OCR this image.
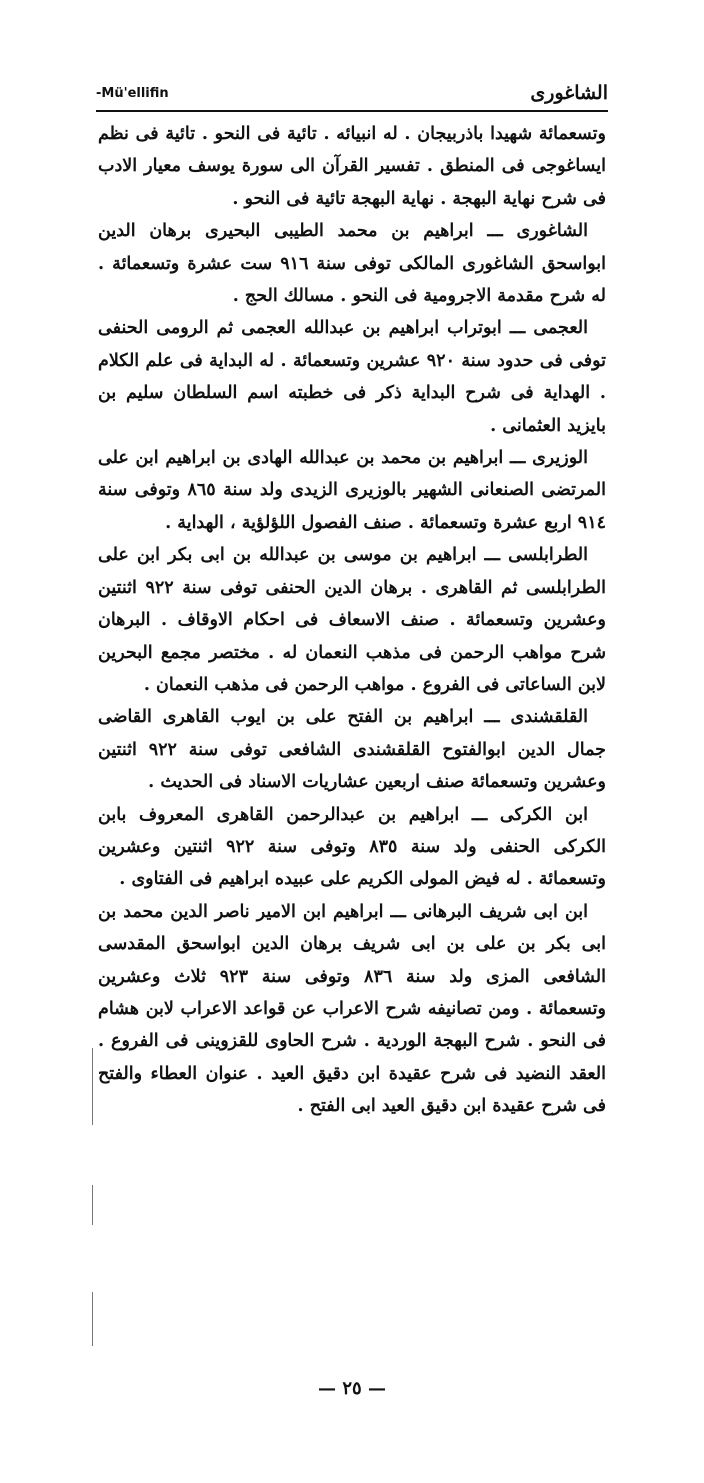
-Mü'ellifin	الشاغوری

وتسعمائة شهيدا باذربيجان . له انبيائه . تائية فى النحو . تائية فى نظم ايساغوجى فى المنطق . تفسير القرآن الى سورة يوسف معيار الادب فى شرح نهاية البهجة . نهاية البهجة تائية فى النحو .

الشاغورى ـــ ابراهيم بن محمد الطيبى البحيرى برهان الدين ابواسحق الشاغورى المالكى توفى سنة ٩١٦ ست عشرة وتسعمائة . له شرح مقدمة الاجرومية فى النحو . مسالك الحج .

العجمى ـــ ابوتراب ابراهيم بن عبدالله العجمى ثم الرومى الحنفى توفى فى حدود سنة ٩٢٠ عشرين وتسعمائة . له البداية فى علم الكلام . الهداية فى شرح البداية ذكر فى خطبته اسم السلطان سليم بن بايزيد العثمانى .

الوزيرى ـــ ابراهيم بن محمد بن عبدالله الهادى بن ابراهيم ابن على المرتضى الصنعانى الشهير بالوزيرى الزيدى ولد سنة ٨٦٥ وتوفى سنة ٩١٤ اربع عشرة وتسعمائة . صنف الفصول اللؤلؤية ، الهداية .

الطرابلسى ـــ ابراهيم بن موسى بن عبدالله بن ابى بكر ابن على الطرابلسى ثم القاهرى . برهان الدين الحنفى توفى سنة ٩٢٢ اثنتين وعشرين وتسعمائة . صنف الاسعاف فى احكام الاوقاف . البرهان شرح مواهب الرحمن فى مذهب النعمان له . مختصر مجمع البحرين لابن الساعاتى فى الفروع . مواهب الرحمن فى مذهب النعمان .

القلقشندى ـــ ابراهيم بن الفتح على بن ايوب القاهرى القاضى جمال الدين ابوالفتوح القلقشندى الشافعى توفى سنة ٩٢٢ اثنتين وعشرين وتسعمائة صنف اربعين عشاريات الاسناد فى الحديث .

ابن الكركى ـــ ابراهيم بن عبدالرحمن القاهرى المعروف بابن الكركى الحنفى ولد سنة ٨٣٥ وتوفى سنة ٩٢٢ اثنتين وعشرين وتسعمائة . له فيض المولى الكريم على عبيده ابراهيم فى الفتاوى .

ابن ابى شريف البرهانى ـــ ابراهيم ابن الامير ناصر الدين محمد بن ابى بكر بن على بن ابى شريف برهان الدين ابواسحق المقدسى الشافعى المزى ولد سنة ٨٣٦ وتوفى سنة ٩٢٣ ثلاث وعشرين وتسعمائة . ومن تصانيفه شرح الاعراب عن قواعد الاعراب لابن هشام فى النحو . شرح البهجة الوردية . شرح الحاوى للقزوينى فى الفروع . العقد النضيد فى شرح عقيدة ابن دقيق العيد . عنوان العطاء والفتح فى شرح عقيدة ابن دقيق العيد ابى الفتح .

— ٢٥ —
